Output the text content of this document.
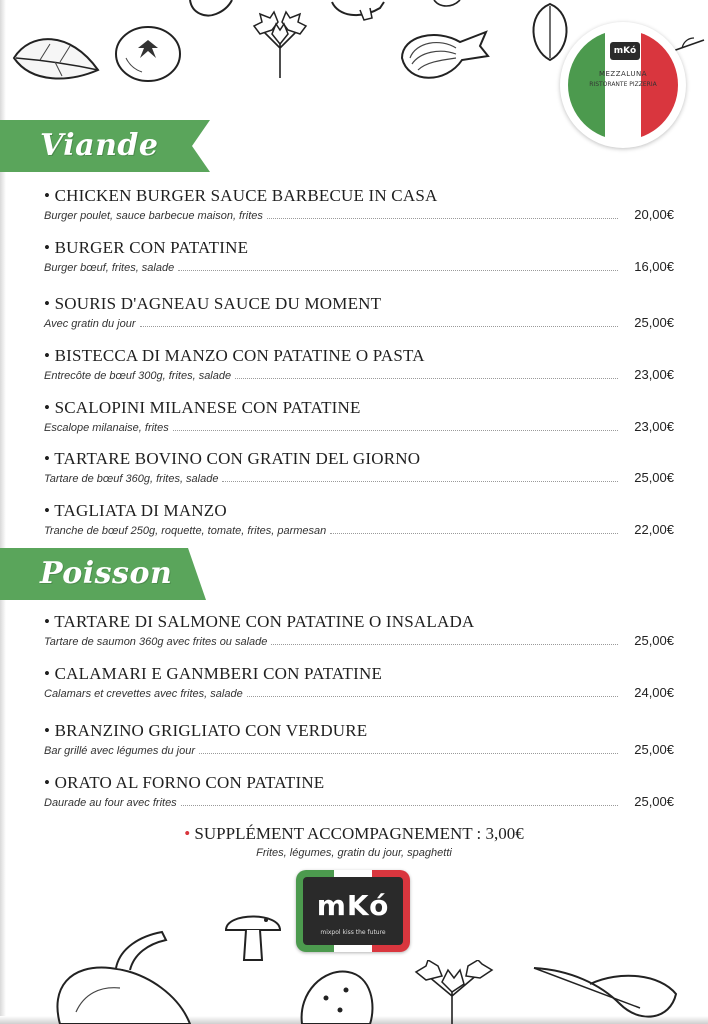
mKó
MEZZALUNA
RISTORANTE PIZZERIA
Viande
• CHICKEN BURGER SAUCE BARBECUE IN CASA
Burger poulet, sauce barbecue maison, frites	20,00€
• BURGER CON PATATINE
Burger bœuf, frites, salade	16,00€
• SOURIS D'AGNEAU SAUCE DU MOMENT
Avec gratin du jour	25,00€
• BISTECCA DI MANZO CON PATATINE O PASTA
Entrecôte de bœuf 300g, frites, salade	23,00€
• SCALOPINI MILANESE CON PATATINE
Escalope milanaise, frites	23,00€
• TARTARE BOVINO CON GRATIN DEL GIORNO
Tartare de bœuf 360g, frites, salade	25,00€
• TAGLIATA DI MANZO
Tranche de bœuf 250g, roquette, tomate, frites, parmesan	22,00€
Poisson
• TARTARE DI SALMONE CON PATATINE O INSALADA
Tartare de saumon 360g avec frites ou salade	25,00€
• CALAMARI E GANMBERI CON PATATINE
Calamars et crevettes avec frites, salade	24,00€
• BRANZINO GRIGLIATO CON VERDURE
Bar grillé avec légumes du jour	25,00€
• ORATO AL FORNO CON PATATINE
Daurade au four avec frites	25,00€
• SUPPLÉMENT ACCOMPAGNEMENT : 3,00€
Frites, légumes, gratin du jour, spaghetti
mKó
mixpol kiss the future
